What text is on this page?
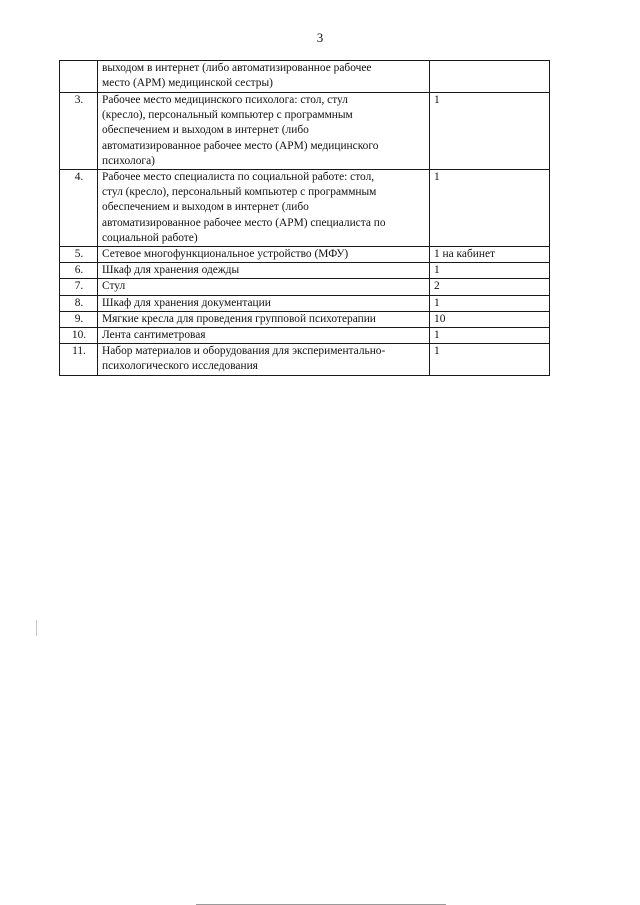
3

	выходом в интернет (либо автоматизированное рабочее
место (АРМ) медицинской сестры)	

3.	Рабочее место медицинского психолога: стол, стул
(кресло), персональный компьютер с программным
обеспечением и выходом в интернет (либо
автоматизированное рабочее место (АРМ) медицинского
психолога)	1
4.	Рабочее место специалиста по социальной работе: стол,
стул (кресло), персональный компьютер с программным
обеспечением и выходом в интернет (либо
автоматизированное рабочее место (АРМ) специалиста по
социальной работе)	1
5.	Сетевое многофункциональное устройство (МФУ)	1 на кабинет
6.	Шкаф для хранения одежды	1
7.	Стул	2
8.	Шкаф для хранения документации	1
9.	Мягкие кресла для проведения групповой психотерапии	10
10.	Лента сантиметровая	1
11.	Набор материалов и оборудования для экспериментально-
психологического исследования	1
